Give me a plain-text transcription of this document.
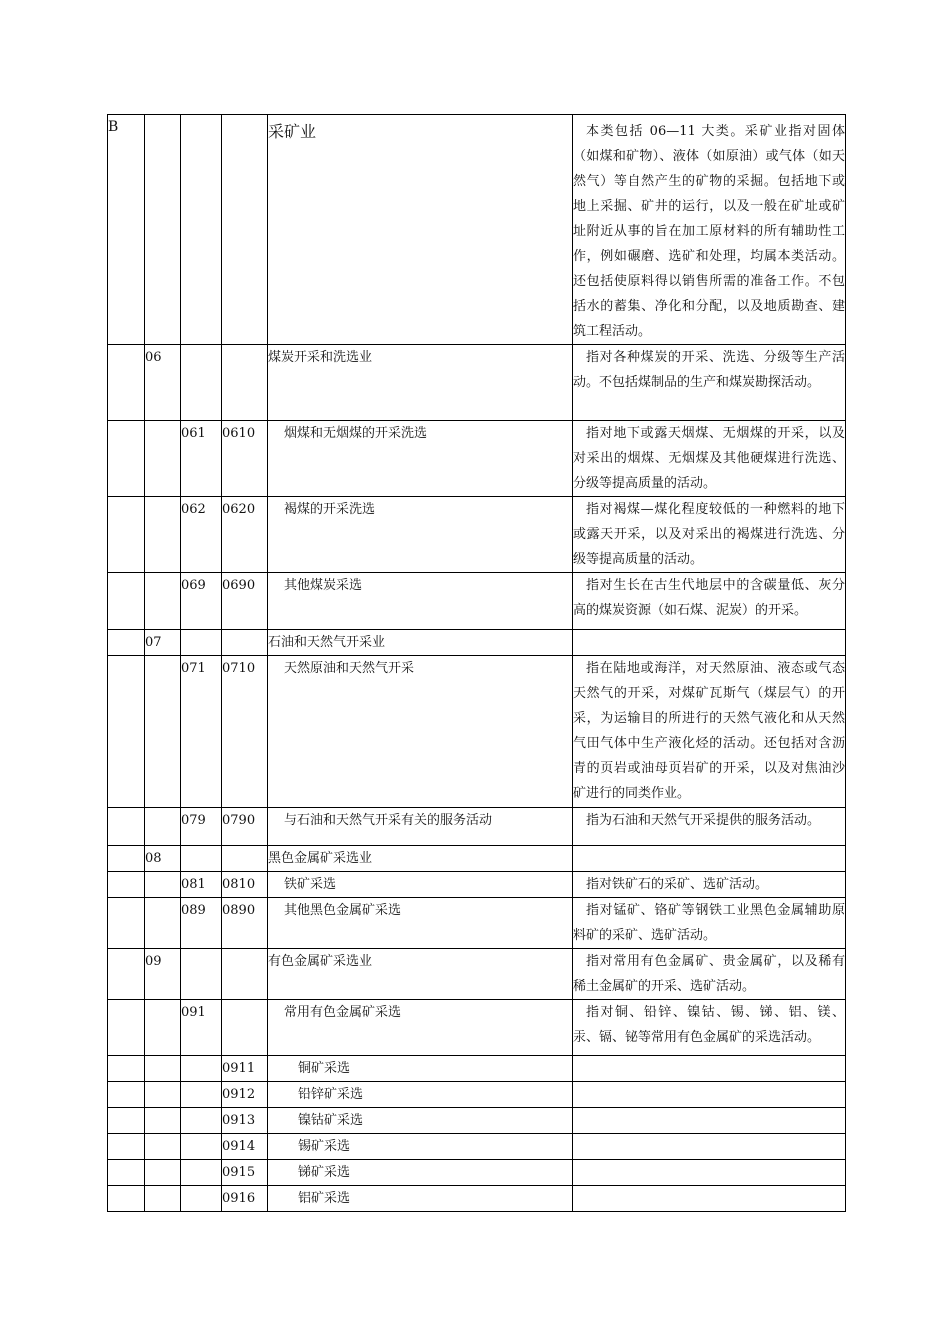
B				采矿业	本类包括 06—11 大类。采矿业指对固体（如煤和矿物）、液体（如原油）或气体（如天然气）等自然产生的矿物的采掘。包括地下或地上采掘、矿井的运行，以及一般在矿址或矿址附近从事的旨在加工原材料的所有辅助性工作，例如碾磨、选矿和处理，均属本类活动。还包括使原料得以销售所需的准备工作。不包括水的蓄集、净化和分配，以及地质勘查、建筑工程活动。
	06			煤炭开采和洗选业	指对各种煤炭的开采、洗选、分级等生产活动。不包括煤制品的生产和煤炭勘探活动。
		061	0610	烟煤和无烟煤的开采洗选	指对地下或露天烟煤、无烟煤的开采，以及对采出的烟煤、无烟煤及其他硬煤进行洗选、分级等提高质量的活动。
		062	0620	褐煤的开采洗选	指对褐煤—煤化程度较低的一种燃料的地下或露天开采，以及对采出的褐煤进行洗选、分级等提高质量的活动。
		069	0690	其他煤炭采选	指对生长在古生代地层中的含碳量低、灰分高的煤炭资源（如石煤、泥炭）的开采。
	07			石油和天然气开采业	
		071	0710	天然原油和天然气开采	指在陆地或海洋，对天然原油、液态或气态天然气的开采，对煤矿瓦斯气（煤层气）的开采，为运输目的所进行的天然气液化和从天然气田气体中生产液化烃的活动。还包括对含沥青的页岩或油母页岩矿的开采，以及对焦油沙矿进行的同类作业。
		079	0790	与石油和天然气开采有关的服务活动	指为石油和天然气开采提供的服务活动。
	08			黑色金属矿采选业	
		081	0810	铁矿采选	指对铁矿石的采矿、选矿活动。
		089	0890	其他黑色金属矿采选	指对锰矿、铬矿等钢铁工业黑色金属辅助原料矿的采矿、选矿活动。
	09			有色金属矿采选业	指对常用有色金属矿、贵金属矿，以及稀有稀土金属矿的开采、选矿活动。
		091		常用有色金属矿采选	指对铜、铅锌、镍钴、锡、锑、铝、镁、汞、镉、铋等常用有色金属矿的采选活动。
			0911	铜矿采选	
			0912	铅锌矿采选	
			0913	镍钴矿采选	
			0914	锡矿采选	
			0915	锑矿采选	
			0916	铝矿采选	
